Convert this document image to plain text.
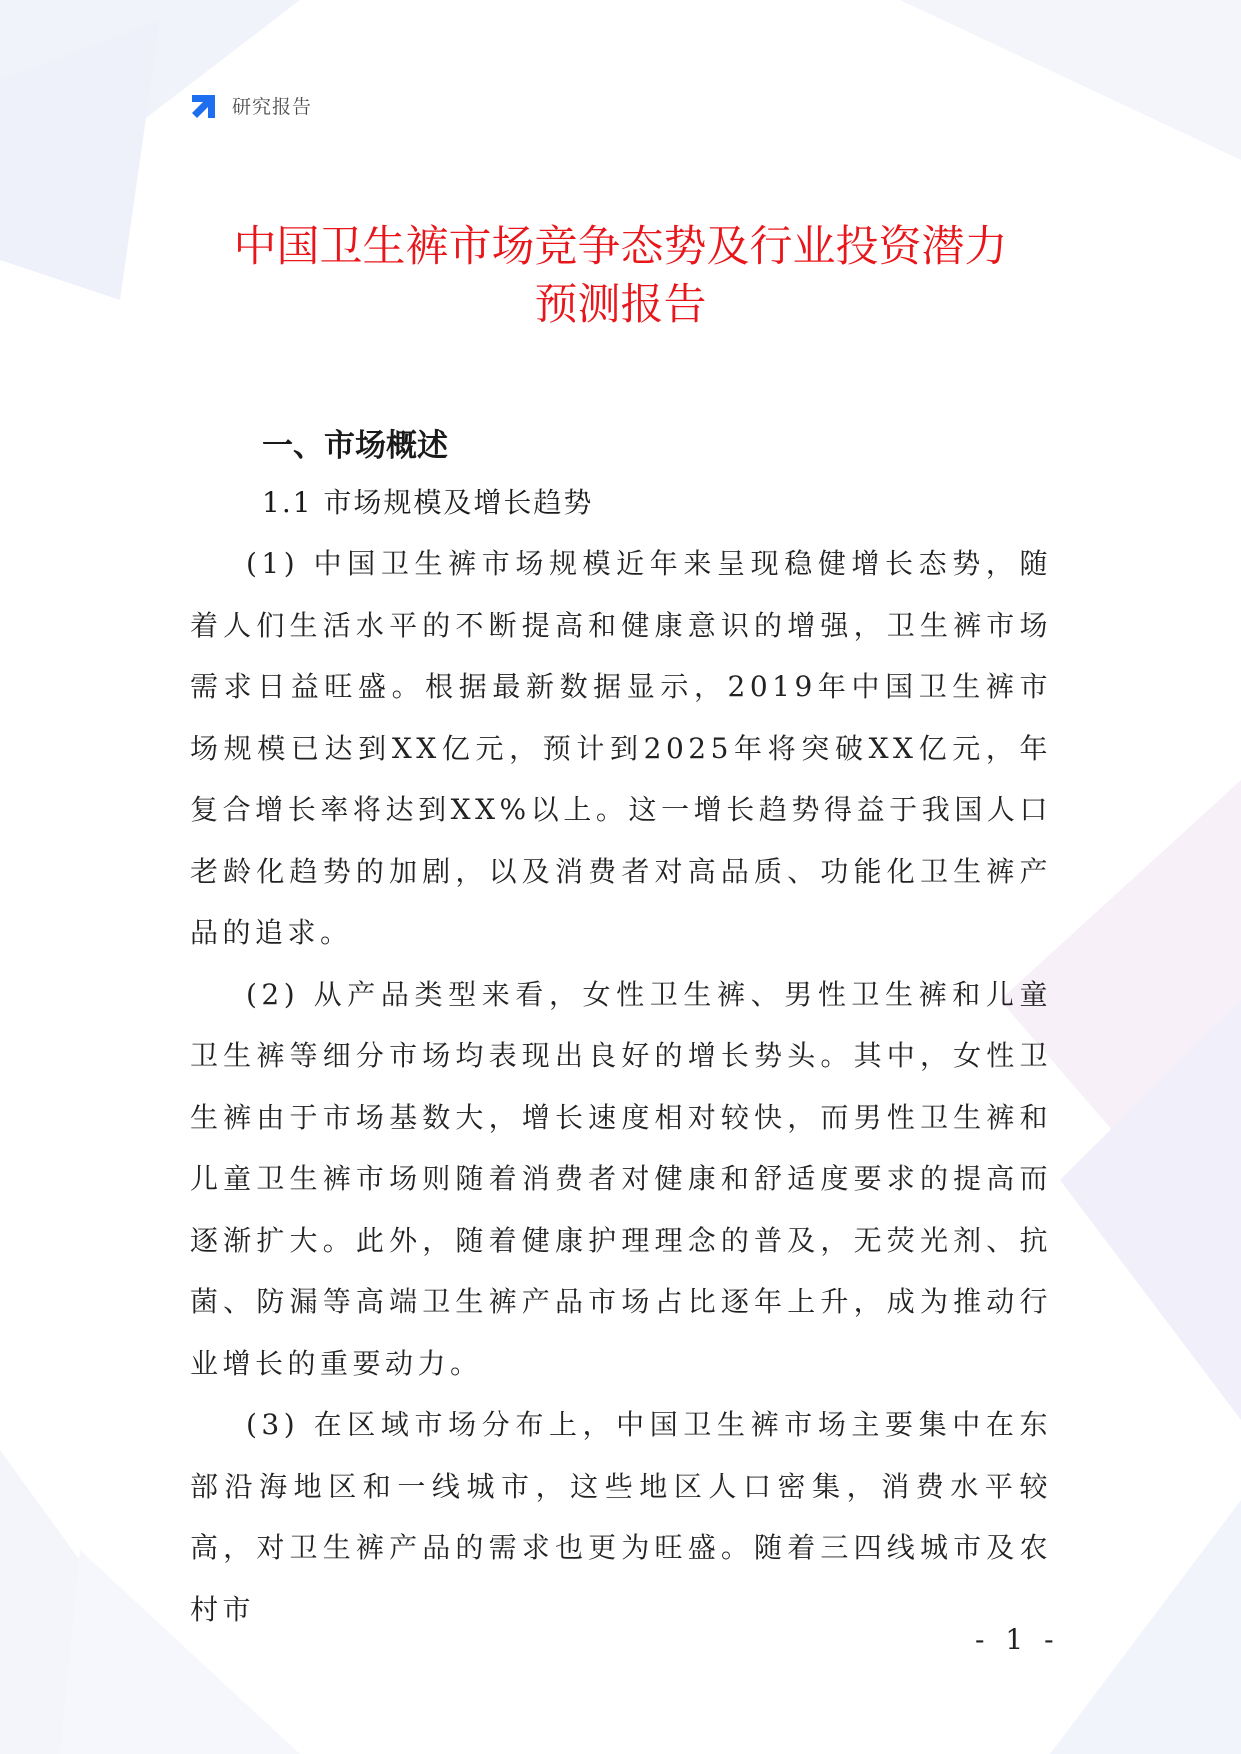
研究报告
中国卫生裤市场竞争态势及行业投资潜力
预测报告
一、市场概述
1.1 市场规模及增长趋势

(1) 中国卫生裤市场规模近年来呈现稳健增长态势，随着人们生活水平的不断提高和健康意识的增强，卫生裤市场需求日益旺盛。根据最新数据显示，2019年中国卫生裤市场规模已达到XX亿元，预计到2025年将突破XX亿元，年复合增长率将达到XX%以上。这一增长趋势得益于我国人口老龄化趋势的加剧，以及消费者对高品质、功能化卫生裤产品的追求。

(2) 从产品类型来看，女性卫生裤、男性卫生裤和儿童卫生裤等细分市场均表现出良好的增长势头。其中，女性卫生裤由于市场基数大，增长速度相对较快，而男性卫生裤和儿童卫生裤市场则随着消费者对健康和舒适度要求的提高而逐渐扩大。此外，随着健康护理理念的普及，无荧光剂、抗菌、防漏等高端卫生裤产品市场占比逐年上升，成为推动行业增长的重要动力。

(3) 在区域市场分布上，中国卫生裤市场主要集中在东部沿海地区和一线城市，这些地区人口密集，消费水平较高，对卫生裤产品的需求也更为旺盛。随着三四线城市及农村市

- 1 -
